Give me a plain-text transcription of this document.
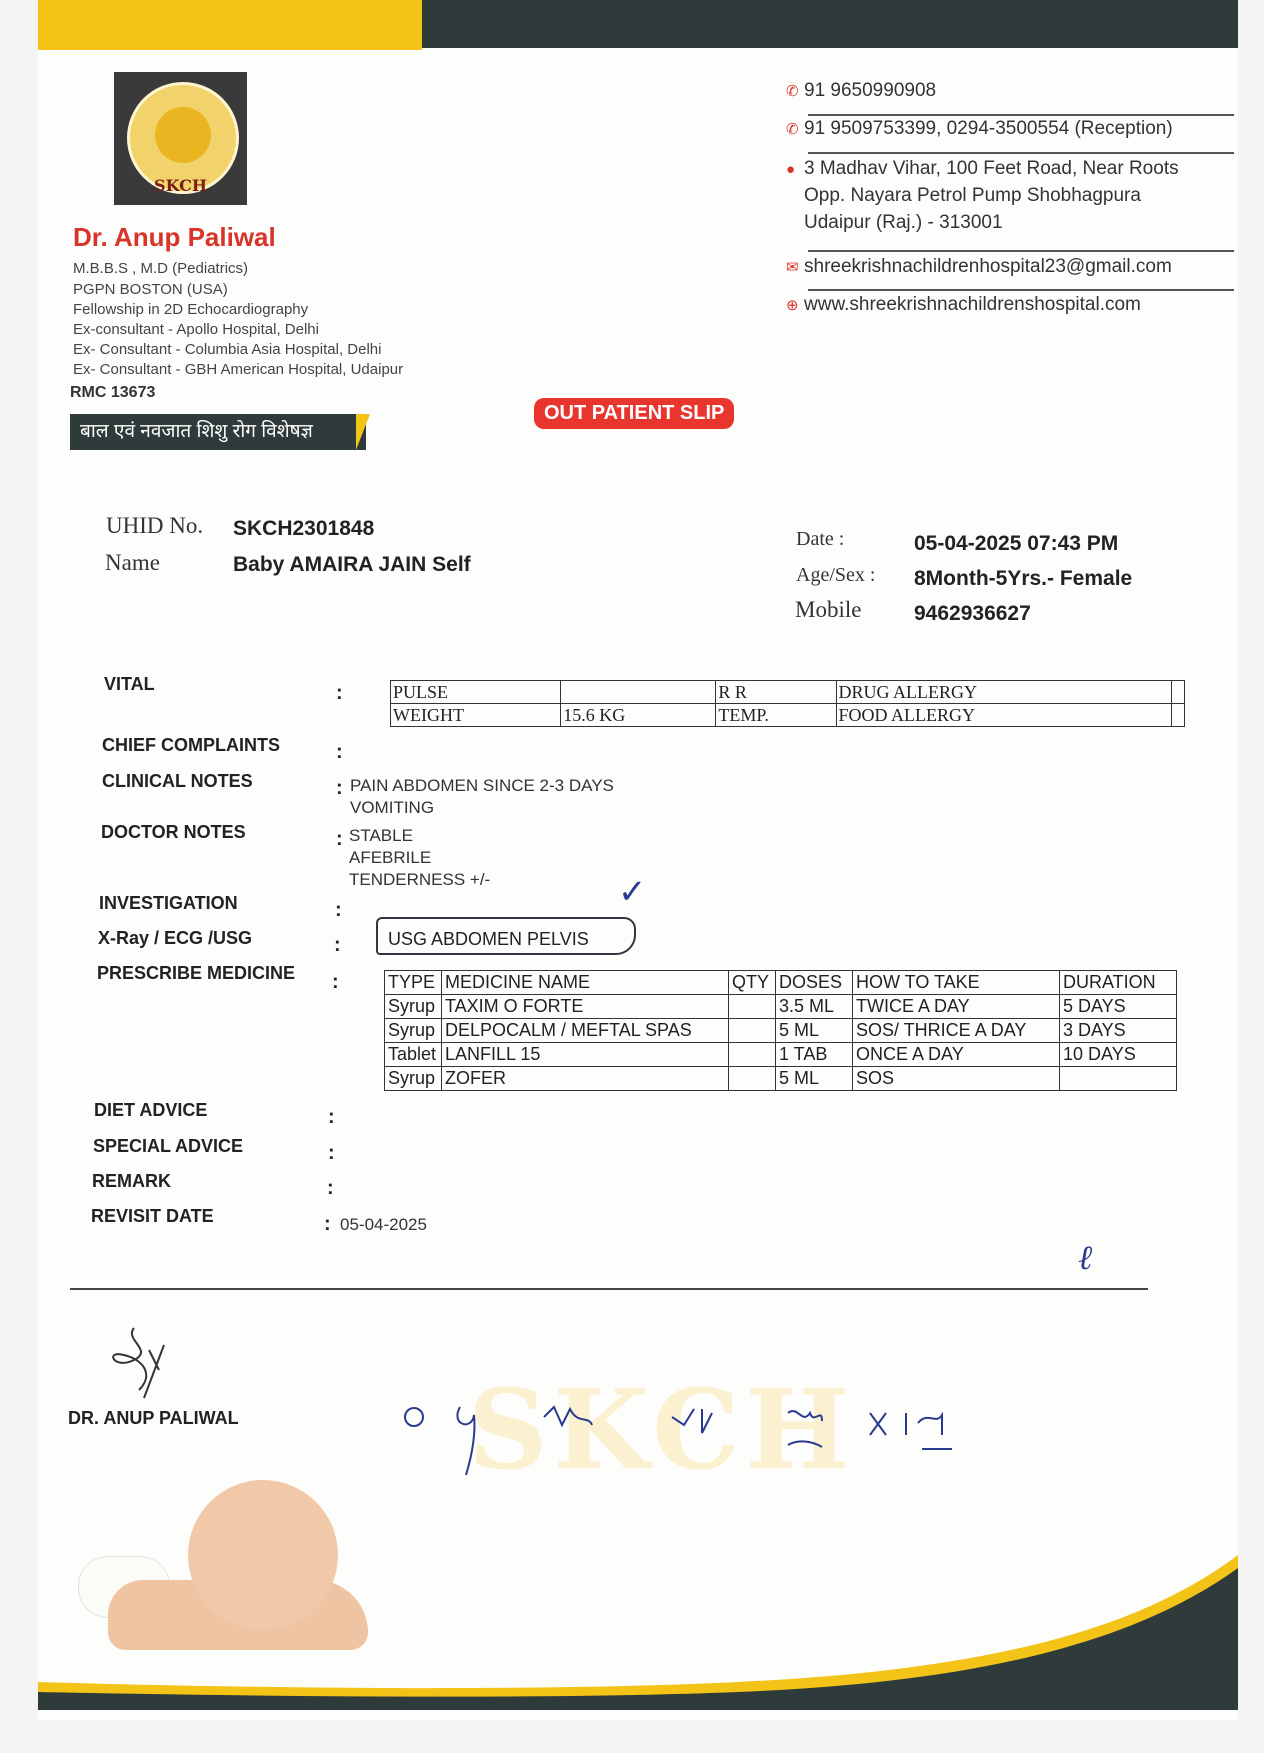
SKCH
SKCH
Dr. Anup Paliwal
M.B.B.S , M.D (Pediatrics)
PGPN BOSTON (USA)
Fellowship in 2D Echocardiography
Ex-consultant - Apollo Hospital, Delhi
Ex- Consultant - Columbia Asia Hospital, Delhi
Ex- Consultant - GBH American Hospital, Udaipur
RMC 13673
बाल एवं नवजात शिशु रोग विशेषज्ञ
OUT PATIENT SLIP
✆ 91 9650990908
✆ 91 9509753399, 0294-3500554 (Reception)
● 3 Madhav Vihar, 100 Feet Road, Near Roots
Opp. Nayara Petrol Pump Shobhagpura
Udaipur (Raj.) - 313001
✉ shreekrishnachildrenhospital23@gmail.com
⊕ www.shreekrishnachildrenshospital.com
UHID No. SKCH2301848
Name	Baby AMAIRA JAIN Self
Date :	05-04-2025 07:43 PM
Age/Sex : 8Month-5Yrs.- Female
Mobile	9462936627
VITAL	:	PULSE		R R	DRUG ALLERGY	
WEIGHT	15.6 KG	TEMP.	FOOD ALLERGY	
CHIEF COMPLAINTS	:
CLINICAL NOTES	: PAIN ABDOMEN SINCE 2-3 DAYS
VOMITING
DOCTOR NOTES	: STABLE
AFEBRILE
TENDERNESS +/-
INVESTIGATION	:
X-Ray / ECG /USG	:	USG ABDOMEN PELVIS
✓
PRESCRIBE MEDICINE :	TYPE	MEDICINE NAME	QTY	DOSES	HOW TO TAKE	DURATION
Syrup	TAXIM O FORTE		3.5 ML	TWICE A DAY	5 DAYS
Syrup	DELPOCALM / MEFTAL SPAS		5 ML	SOS/ THRICE A DAY	3 DAYS
Tablet	LANFILL 15		1 TAB	ONCE A DAY	10 DAYS
Syrup	ZOFER		5 ML	SOS	
DIET ADVICE	:
SPECIAL ADVICE	:
REMARK	:
REVISIT DATE	: 05-04-2025
ℓ
DR. ANUP PALIWAL
